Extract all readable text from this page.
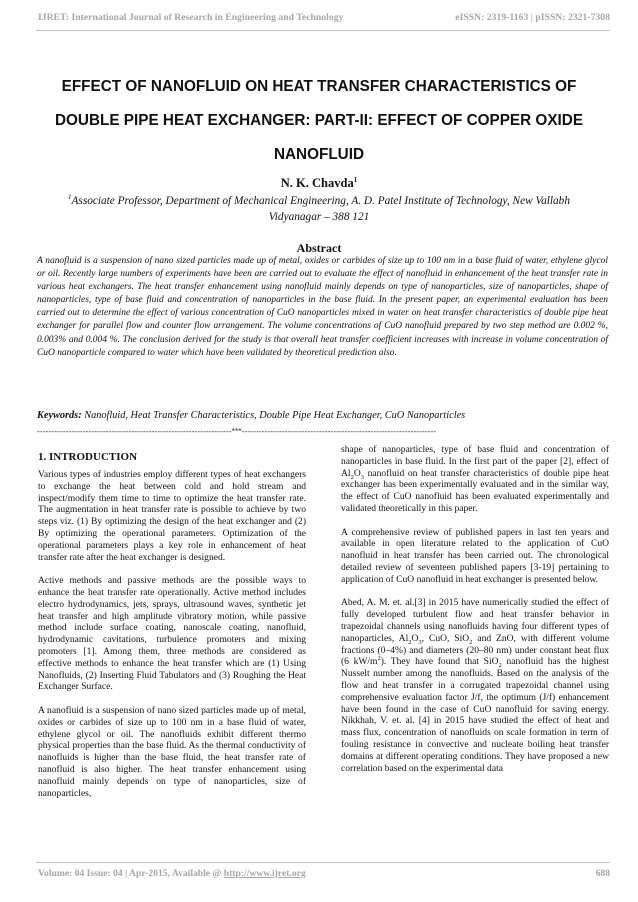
IJRET: International Journal of Research in Engineering and Technology	eISSN: 2319-1163 | pISSN: 2321-7308
EFFECT OF NANOFLUID ON HEAT TRANSFER CHARACTERISTICS OF DOUBLE PIPE HEAT EXCHANGER: PART-II: EFFECT OF COPPER OXIDE NANOFLUID
N. K. Chavda$^1$
$^1$Associate Professor, Department of Mechanical Engineering, A. D. Patel Institute of Technology, New Vallabh Vidyanagar – 388 121
Abstract
A nanofluid is a suspension of nano sized particles made up of metal, oxides or carbides of size up to 100 nm in a base fluid of water, ethylene glycol or oil. Recently large numbers of experiments have been are carried out to evaluate the effect of nanofluid in enhancement of the heat transfer rate in various heat exchangers. The heat transfer enhancement using nanofluid mainly depends on type of nanoparticles, size of nanoparticles, shape of nanoparticles, type of base fluid and concentration of nanoparticles in the base fluid. In the present paper, an experimental evaluation has been carried out to determine the effect of various concentration of CuO nanoparticles mixed in water on heat transfer characteristics of double pipe heat exchanger for parallel flow and counter flow arrangement. The volume concentrations of CuO nanofluid prepared by two step method are 0.002 %, 0.003% and 0.004 %. The conclusion derived for the study is that overall heat transfer coefficient increases with increase in volume concentration of CuO nanoparticle compared to water which have been validated by theoretical prediction also.
Keywords: Nanofluid, Heat Transfer Characteristics, Double Pipe Heat Exchanger, CuO Nanoparticles
--------------------------------------------------------------------***--------------------------------------------------------------------
1. INTRODUCTION

Various types of industries employ different types of heat exchangers to exchange the heat between cold and hold stream and inspect/modify them time to time to optimize the heat transfer rate. The augmentation in heat transfer rate is possible to achieve by two steps viz. (1) By optimizing the design of the heat exchanger and (2) By optimizing the operational parameters. Optimization of the operational parameters plays a key role in enhancement of heat transfer rate after the heat exchanger is designed.

Active methods and passive methods are the possible ways to enhance the heat transfer rate operationally. Active method includes electro hydrodynamics, jets, sprays, ultrasound waves, synthetic jet heat transfer and high amplitude vibratory motion, while passive method include surface coating, nanoscale coating, nanofluid, hydrodynamic cavitations, turbulence promoters and mixing promoters [1]. Among them, three methods are considered as effective methods to enhance the heat transfer which are (1) Using Nanofluids, (2) Inserting Fluid Tabulators and (3) Roughing the Heat Exchanger Surface.

A nanofluid is a suspension of nano sized particles made up of metal, oxides or carbides of size up to 100 nm in a base fluid of water, ethylene glycol or oil. The nanofluids exhibit different thermo physical properties than the base fluid. As the thermal conductivity of nanofluids is higher than the base fluid, the heat transfer rate of nanofluid is also higher. The heat transfer enhancement using nanofluid mainly depends on type of nanoparticles, size of nanoparticles,

shape of nanoparticles, type of base fluid and concentration of nanoparticles in base fluid. In the first part of the paper [2], effect of $Al_2O_3$ nanofluid on heat transfer characteristics of double pipe heat exchanger has been experimentally evaluated and in the similar way, the effect of CuO nanofluid has been evaluated experimentally and validated theoretically in this paper.

A comprehensive review of published papers in last ten years and available in open literature related to the application of CuO nanofluid in heat transfer has been carried out. The chronological detailed review of seventeen published papers [3-19] pertaining to application of CuO nanofluid in heat exchanger is presented below.

Abed, A. M. et. al.[3] in 2015 have numerically studied the effect of fully developed turbulent flow and heat transfer behavior in trapezoidal channels using nanofluids having four different types of nanoparticles, $Al_2O_3$, CuO, SiO$_2$ and ZnO, with different volume fractions (0–4%) and diameters (20–80 nm) under constant heat flux (6 $kW/m^2$). They have found that SiO$_2$ nanofluid has the highest Nusselt number among the nanofluids. Based on the analysis of the flow and heat transfer in a corrugated trapezoidal channel using comprehensive evaluation factor J/f, the optimum (J/f) enhancement have been found in the case of CuO nanofluid for saving energy. Nikkhah, V. et. al. [4] in 2015 have studied the effect of heat and mass flux, concentration of nanofluids on scale formation in term of fouling resistance in convective and nucleate boiling heat transfer domains at different operating conditions. They have proposed a new correlation based on the experimental data

Volume: 04 Issue: 04 | Apr-2015, Available @ http://www.ijret.org	688
